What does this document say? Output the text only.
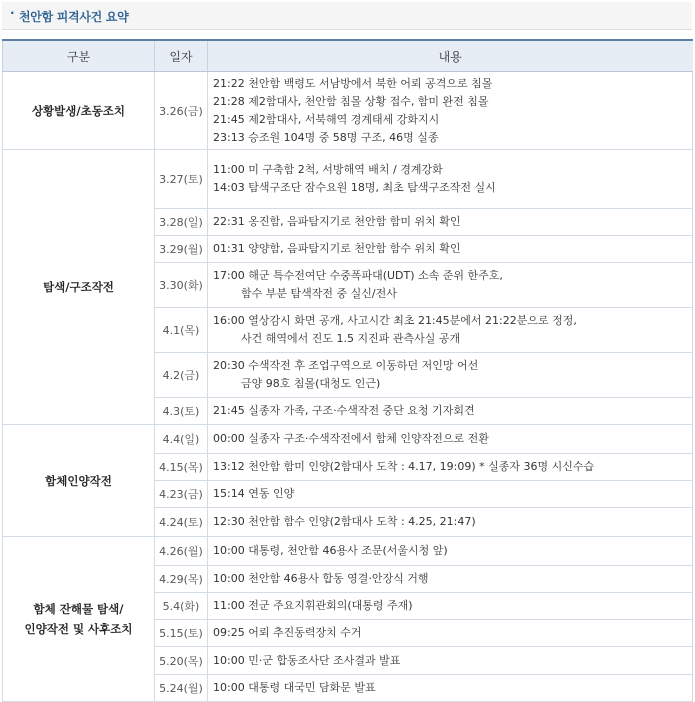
· 천안함 피격사건 요약
구분	일자	내용

상황발생/초동조치	3.26(금)	21:22 천안함 백령도 서남방에서 북한 어뢰 공격으로 침몰
21:28 제2함대사, 천안함 침몰 상황 접수, 함미 완전 침몰
21:45 제2함대사, 서북해역 경계태세 강화지시
23:13 승조원 104명 중 58명 구조, 46명 실종

탐색/구조작전	3.27(토)	11:00 미 구축함 2척, 서방해역 배치 / 경계강화
14:03 탐색구조단 잠수요원 18명, 최초 탐색구조작전 실시

	3.28(일)	22:31 옹진함, 음파탐지기로 천안함 함미 위치 확인

	3.29(월)	01:31 양양함, 음파탐지기로 천안함 함수 위치 확인

	3.30(화)	17:00 해군 특수전여단 수중폭파대(UDT) 소속 준위 한주호,
함수 부분 탐색작전 중 실신/전사

	4.1(목)	16:00 열상감시 화면 공개, 사고시간 최초 21:45분에서 21:22분으로 정정,
사건 해역에서 진도 1.5 지진파 관측사실 공개

	4.2(금)	20:30 수색작전 후 조업구역으로 이동하던 저인망 어선
금양 98호 침몰(대청도 인근)

	4.3(토)	21:45 실종자 가족, 구조·수색작전 중단 요청 기자회견

함체인양작전	4.4(일)	00:00 실종자 구조·수색작전에서 함체 인양작전으로 전환

	4.15(목)	13:12 천안함 함미 인양(2함대사 도착 : 4.17, 19:09) * 실종자 36명 시신수습

	4.23(금)	15:14 연동 인양

	4.24(토)	12:30 천안함 함수 인양(2함대사 도착 : 4.25, 21:47)

함체 잔해물 탐색/
인양작전 및 사후조치	4.26(월)	10:00 대통령, 천안함 46용사 조문(서울시청 앞)

	4.29(목)	10:00 천안함 46용사 합동 영결·안장식 거행

	5.4(화)	11:00 전군 주요지휘관회의(대통령 주재)

	5.15(토)	09:25 어뢰 추진동력장치 수거

	5.20(목)	10:00 민·군 합동조사단 조사결과 발표

	5.24(월)	10:00 대통령 대국민 담화문 발표
